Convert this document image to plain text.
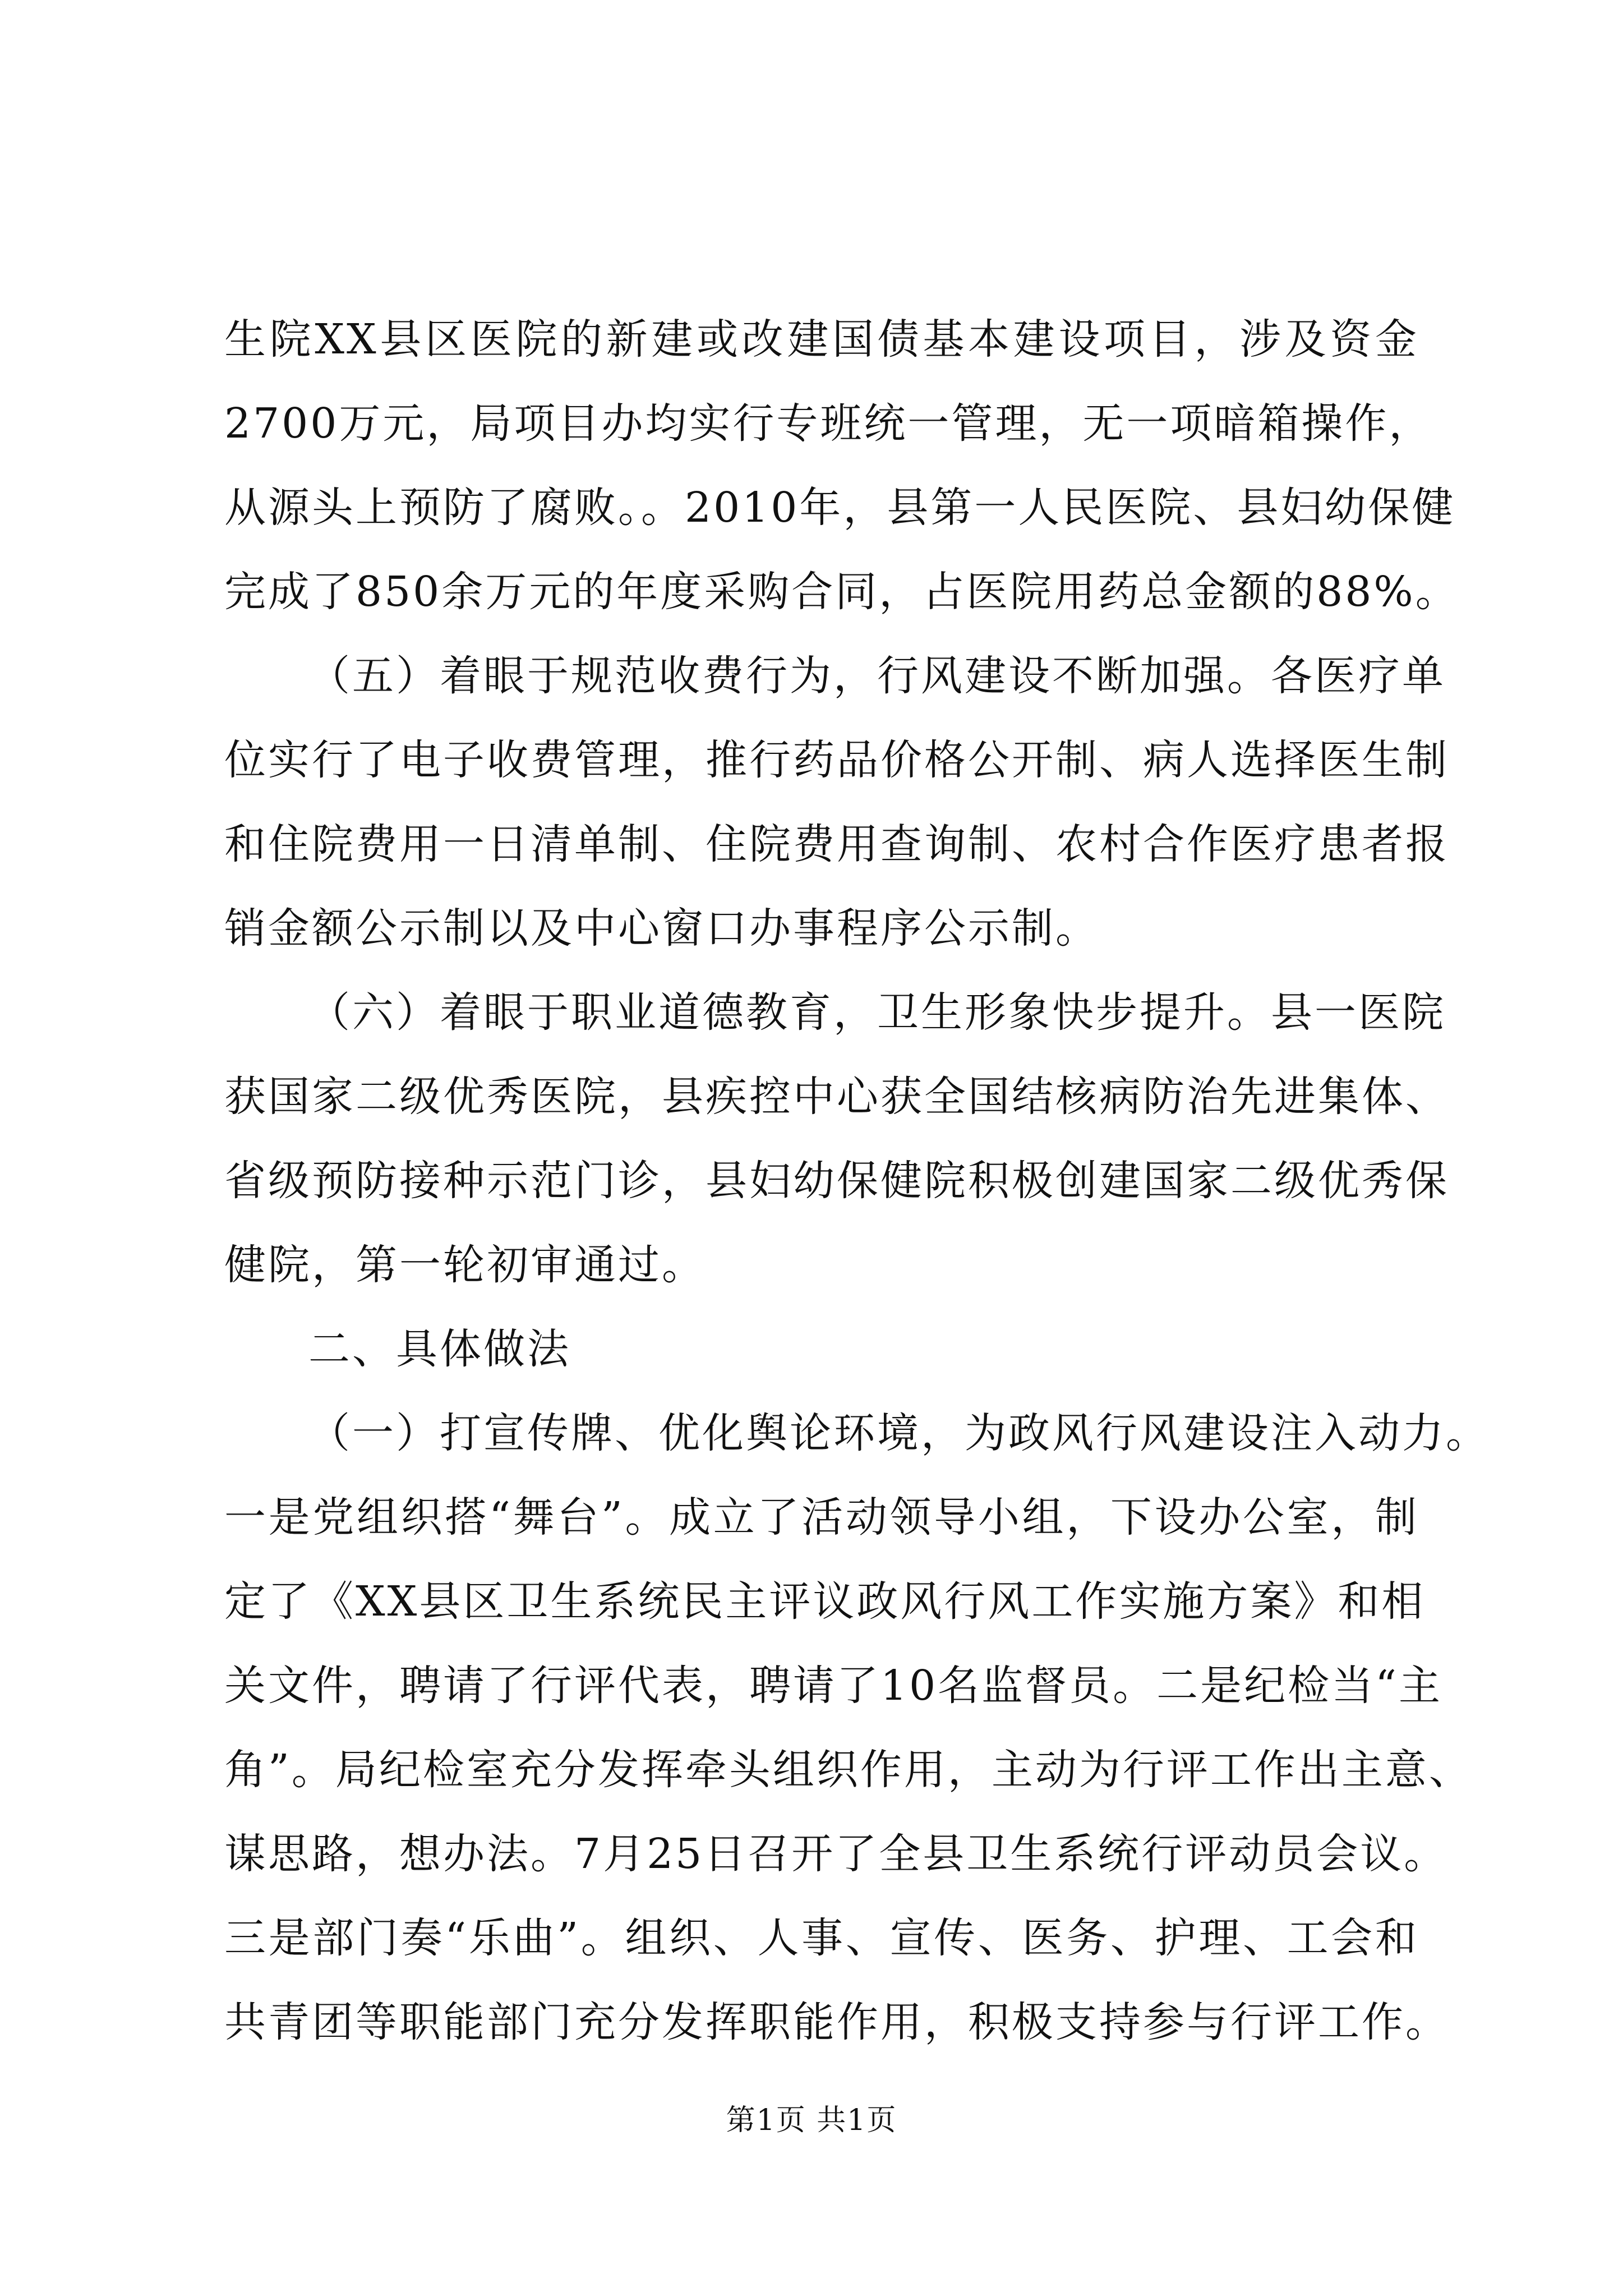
生院XX县区医院的新建或改建国债基本建设项目，涉及资金

2700万元，局项目办均实行专班统一管理，无一项暗箱操作，

从源头上预防了腐败。。2010年，县第一人民医院、县妇幼保健

完成了850余万元的年度采购合同，占医院用药总金额的88%。

（五）着眼于规范收费行为，行风建设不断加强。各医疗单

位实行了电子收费管理，推行药品价格公开制、病人选择医生制

和住院费用一日清单制、住院费用查询制、农村合作医疗患者报

销金额公示制以及中心窗口办事程序公示制。

（六）着眼于职业道德教育，卫生形象快步提升。县一医院

获国家二级优秀医院，县疾控中心获全国结核病防治先进集体、

省级预防接种示范门诊，县妇幼保健院积极创建国家二级优秀保

健院，第一轮初审通过。

二、具体做法

（一）打宣传牌、优化舆论环境，为政风行风建设注入动力。

一是党组织搭“舞台”。成立了活动领导小组，下设办公室，制

定了《XX县区卫生系统民主评议政风行风工作实施方案》和相

关文件，聘请了行评代表，聘请了10名监督员。二是纪检当“主

角”。局纪检室充分发挥牵头组织作用，主动为行评工作出主意、

谋思路，想办法。7月25日召开了全县卫生系统行评动员会议。

三是部门奏“乐曲”。组织、人事、宣传、医务、护理、工会和

共青团等职能部门充分发挥职能作用，积极支持参与行评工作。

第1页 共1页
